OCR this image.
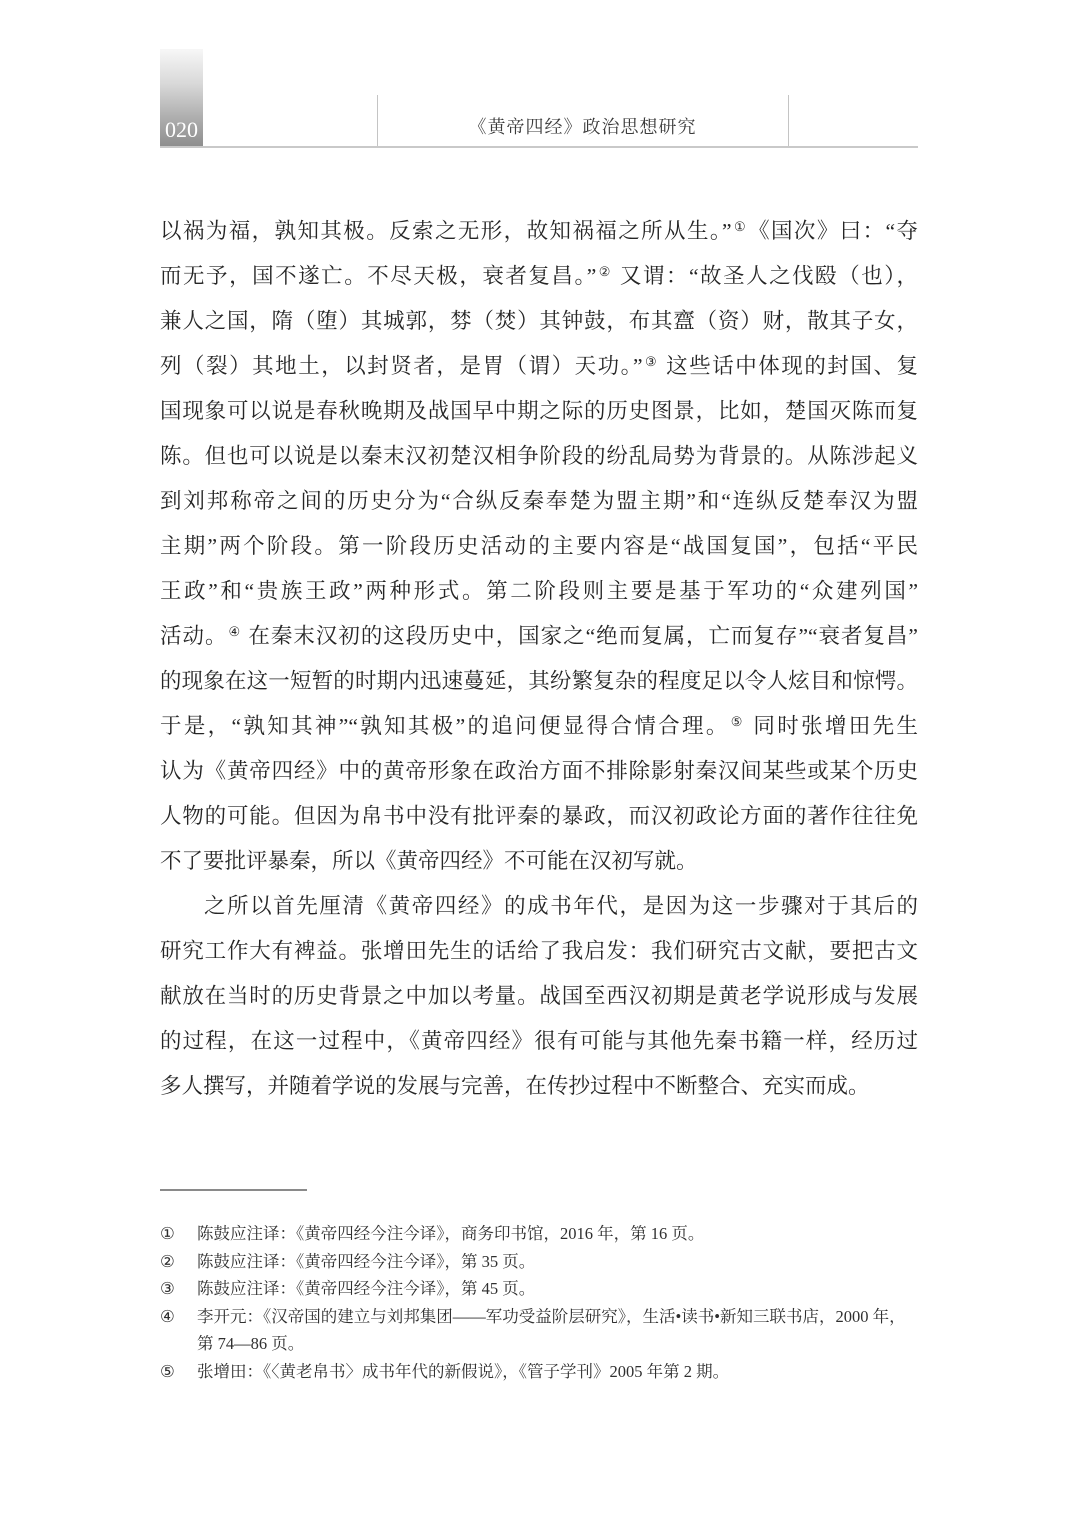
020	《黄帝四经》政治思想研究
以祸为福，孰知其极。反索之无形，故知祸福之所从生。”①《国次》曰：“夺
而无予，国不遂亡。不尽天极，衰者复昌。”② 又谓：“故圣人之伐殹（也），
兼人之国，隋（堕）其城郭，棼（焚）其钟鼓，布其齍（资）财，散其子女，
列（裂）其地土，以封贤者，是胃（谓）天功。”③ 这些话中体现的封国、复
国现象可以说是春秋晚期及战国早中期之际的历史图景，比如，楚国灭陈而复
陈。但也可以说是以秦末汉初楚汉相争阶段的纷乱局势为背景的。从陈涉起义
到刘邦称帝之间的历史分为“合纵反秦奉楚为盟主期”和“连纵反楚奉汉为盟
主期”两个阶段。第一阶段历史活动的主要内容是“战国复国”，包括“平民
王政”和“贵族王政”两种形式。第二阶段则主要是基于军功的“众建列国”
活动。④ 在秦末汉初的这段历史中，国家之“绝而复属，亡而复存”“衰者复昌”
的现象在这一短暂的时期内迅速蔓延，其纷繁复杂的程度足以令人炫目和惊愕。
于是，“孰知其神”“孰知其极”的追问便显得合情合理。⑤ 同时张增田先生
认为《黄帝四经》中的黄帝形象在政治方面不排除影射秦汉间某些或某个历史
人物的可能。但因为帛书中没有批评秦的暴政，而汉初政论方面的著作往往免
不了要批评暴秦，所以《黄帝四经》不可能在汉初写就。
之所以首先厘清《黄帝四经》的成书年代，是因为这一步骤对于其后的
研究工作大有裨益。张增田先生的话给了我启发：我们研究古文献，要把古文
献放在当时的历史背景之中加以考量。战国至西汉初期是黄老学说形成与发展
的过程，在这一过程中，《黄帝四经》很有可能与其他先秦书籍一样，经历过
多人撰写，并随着学说的发展与完善，在传抄过程中不断整合、充实而成。
① 陈鼓应注译：《黄帝四经今注今译》，商务印书馆，2016 年，第 16 页。
② 陈鼓应注译：《黄帝四经今注今译》，第 35 页。
③ 陈鼓应注译：《黄帝四经今注今译》，第 45 页。
④ 李开元：《汉帝国的建立与刘邦集团——军功受益阶层研究》，生活•读书•新知三联书店，2000 年，
第 74—86 页。
⑤ 张增田：《〈黄老帛书〉成书年代的新假说》，《管子学刊》2005 年第 2 期。
